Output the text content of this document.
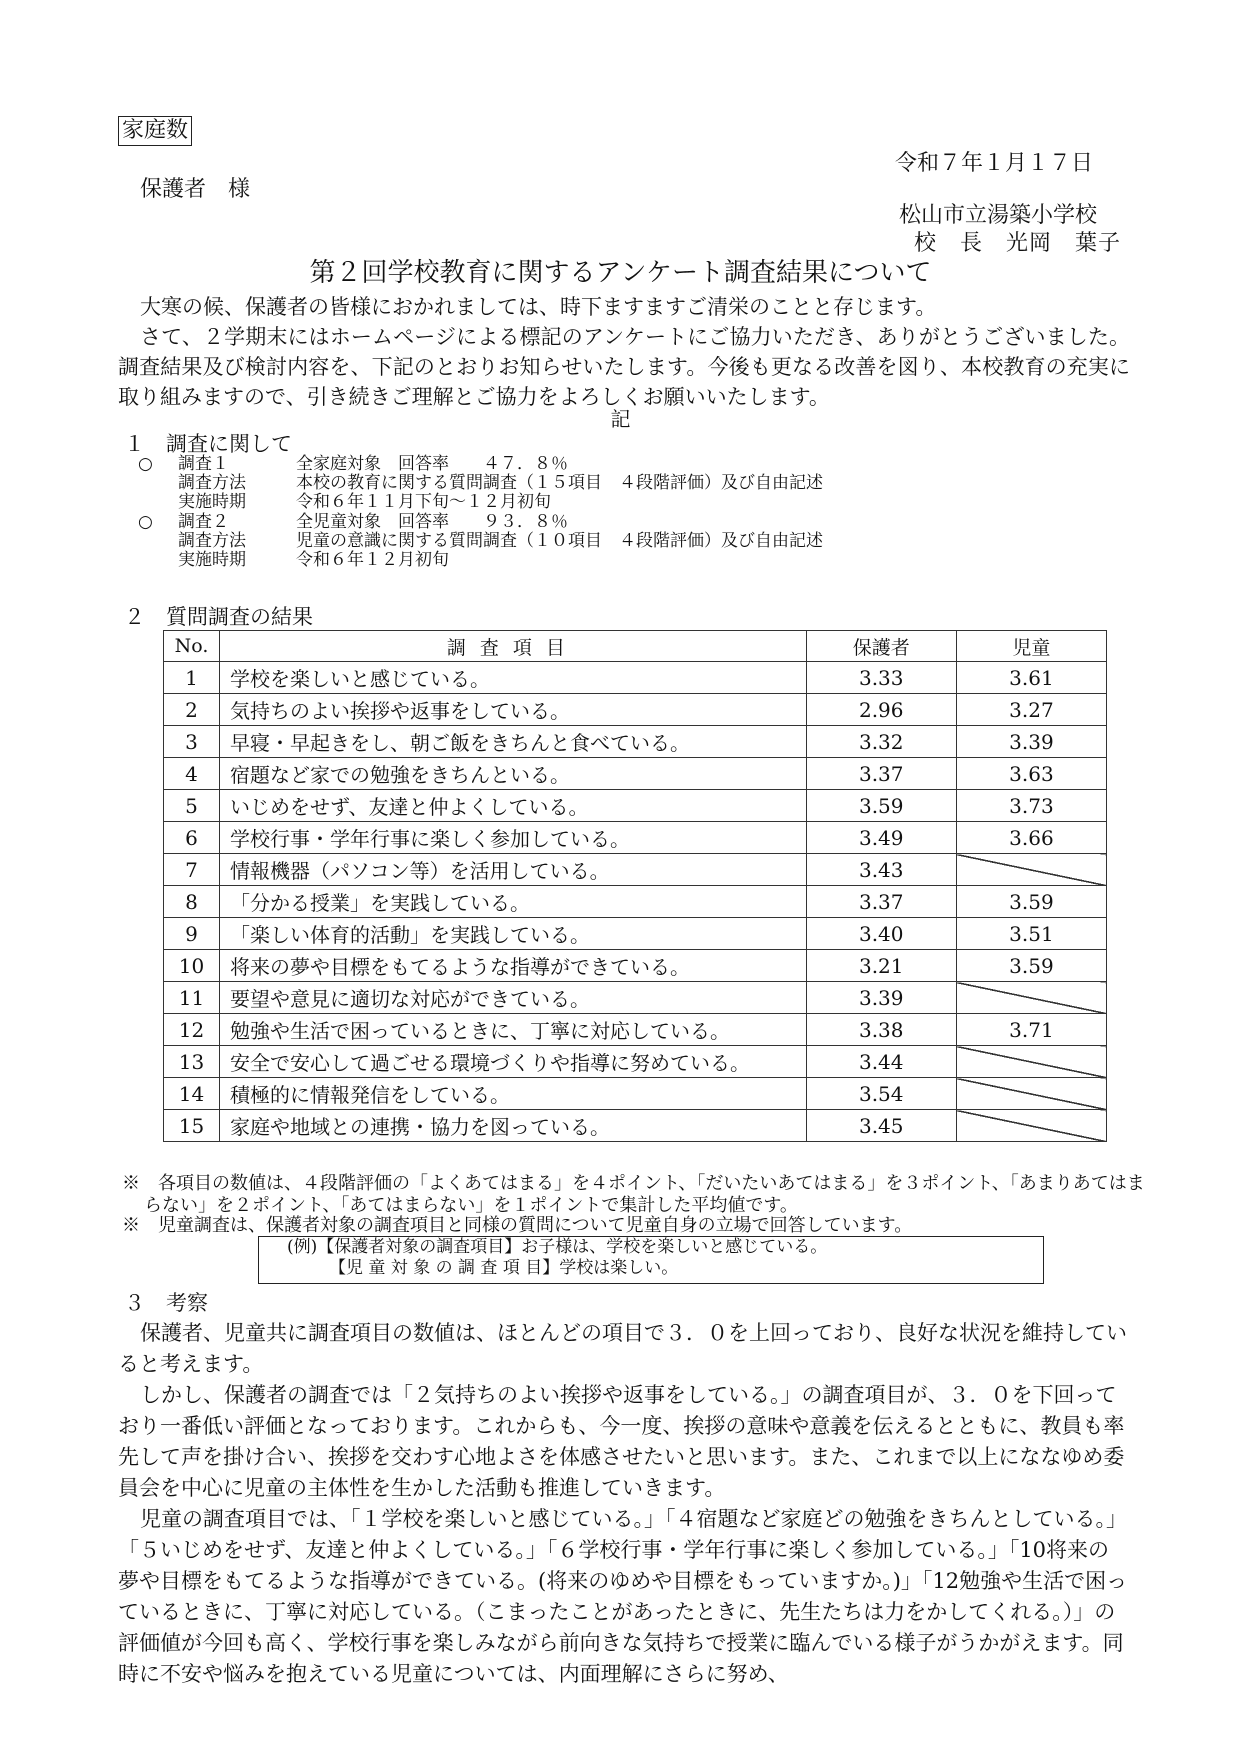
家庭数
令和７年１月１７日
保護者　様
松山市立湯築小学校
校　長　光岡　葉子
第２回学校教育に関するアンケート調査結果について
大寒の候、保護者の皆様におかれましては、時下ますますご清栄のことと存じます。
さて、２学期末にはホームページによる標記のアンケートにご協力いただき、ありがとうございました。調査結果及び検討内容を、下記のとおりお知らせいたします。今後も更なる改善を図り、本校教育の充実に取り組みますので、引き続きご理解とご協力をよろしくお願いいたします。
記
１　調査に関して
○ 調査１	全家庭対象　回答率　　４７．８％
調査方法	本校の教育に関する質問調査（１５項目　４段階評価）及び自由記述
実施時期	令和６年１１月下旬～１２月初旬
○ 調査２	全児童対象　回答率　　９３．８％
調査方法	児童の意識に関する質問調査（１０項目　４段階評価）及び自由記述
実施時期	令和６年１２月初旬
２　質問調査の結果
No.	調査項目	保護者	児童
1	学校を楽しいと感じている。	3.33	3.61
2	気持ちのよい挨拶や返事をしている。	2.96	3.27
3	早寝・早起きをし、朝ご飯をきちんと食べている。	3.32	3.39
4	宿題など家での勉強をきちんといる。	3.37	3.63
5	いじめをせず、友達と仲よくしている。	3.59	3.73
6	学校行事・学年行事に楽しく参加している。	3.49	3.66
7	情報機器（パソコン等）を活用している。	3.43	
8	「分かる授業」を実践している。	3.37	3.59
9	「楽しい体育的活動」を実践している。	3.40	3.51
10	将来の夢や目標をもてるような指導ができている。	3.21	3.59
11	要望や意見に適切な対応ができている。	3.39	
12	勉強や生活で困っているときに、丁寧に対応している。	3.38	3.71
13	安全で安心して過ごせる環境づくりや指導に努めている。	3.44	
14	積極的に情報発信をしている。	3.54	
15	家庭や地域との連携・協力を図っている。	3.45	
※　各項目の数値は、４段階評価の「よくあてはまる」を４ポイント、「だいたいあてはまる」を３ポイント、「あまりあてはまらない」を２ポイント、「あてはまらない」を１ポイントで集計した平均値です。
※　児童調査は、保護者対象の調査項目と同様の質問について児童自身の立場で回答しています。
(例)【保護者対象の調査項目】お子様は、学校を楽しいと感じている。
【児 童 対 象 の 調 査 項 目】学校は楽しい。
３　考察
保護者、児童共に調査項目の数値は、ほとんどの項目で３．０を上回っており、良好な状況を維持していると考えます。
しかし、保護者の調査では「２気持ちのよい挨拶や返事をしている。」の調査項目が、３．０を下回っており一番低い評価となっております。これからも、今一度、挨拶の意味や意義を伝えるとともに、教員も率先して声を掛け合い、挨拶を交わす心地よさを体感させたいと思います。また、これまで以上にななゆめ委員会を中心に児童の主体性を生かした活動も推進していきます。
児童の調査項目では、「１学校を楽しいと感じている。」「４宿題など家庭どの勉強をきちんとしている。」「５いじめをせず、友達と仲よくしている。」「６学校行事・学年行事に楽しく参加している。」「10将来の夢や目標をもてるような指導ができている。(将来のゆめや目標をもっていますか。)」「12勉強や生活で困っているときに、丁寧に対応している。（こまったことがあったときに、先生たちは力をかしてくれる。）」の評価値が今回も高く、学校行事を楽しみながら前向きな気持ちで授業に臨んでいる様子がうかがえます。同時に不安や悩みを抱えている児童については、内面理解にさらに努め、
